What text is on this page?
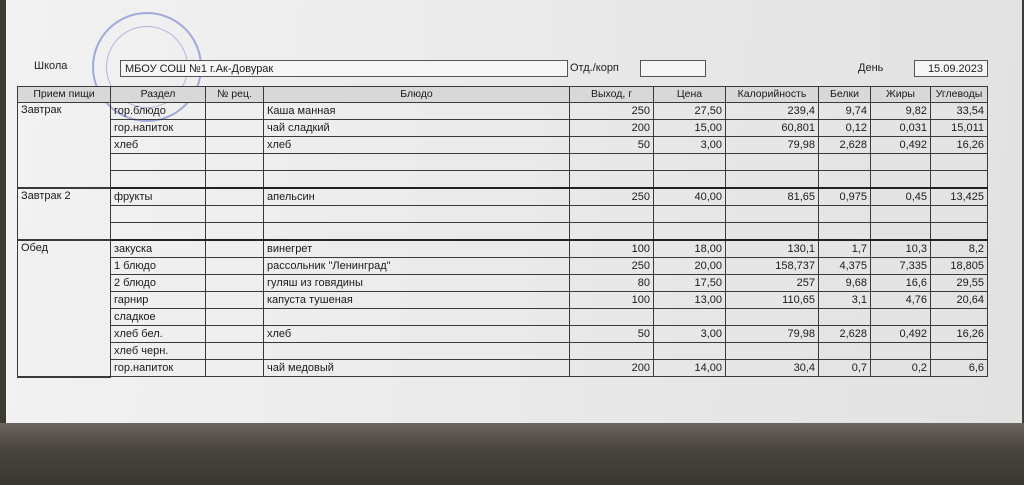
Школа	МБОУ СОШ №1 г.Ак-Довурак	Отд./корп	День	15.09.2023
Прием пищи	Раздел	№ рец.	Блюдо	Выход, г	Цена	Калорийность	Белки	Жиры	Углеводы
Завтрак	гор.блюдо		Каша манная	250	27,50	239,4	9,74	9,82	33,54
	гор.напиток		чай сладкий	200	15,00	60,801	0,12	0,031	15,011
	хлеб		хлеб	50	3,00	79,98	2,628	0,492	16,26

Завтрак 2	фрукты		апельсин	250	40,00	81,65	0,975	0,45	13,425

Обед	закуска		винегрет	100	18,00	130,1	1,7	10,3	8,2
	1 блюдо		рассольник "Ленинград"	250	20,00	158,737	4,375	7,335	18,805
	2 блюдо		гуляш из говядины	80	17,50	257	9,68	16,6	29,55
	гарнир		капуста тушеная	100	13,00	110,65	3,1	4,76	20,64
	сладкое								
	хлеб бел.		хлеб	50	3,00	79,98	2,628	0,492	16,26
	хлеб черн.								
	гор.напиток		чай медовый	200	14,00	30,4	0,7	0,2	6,6
